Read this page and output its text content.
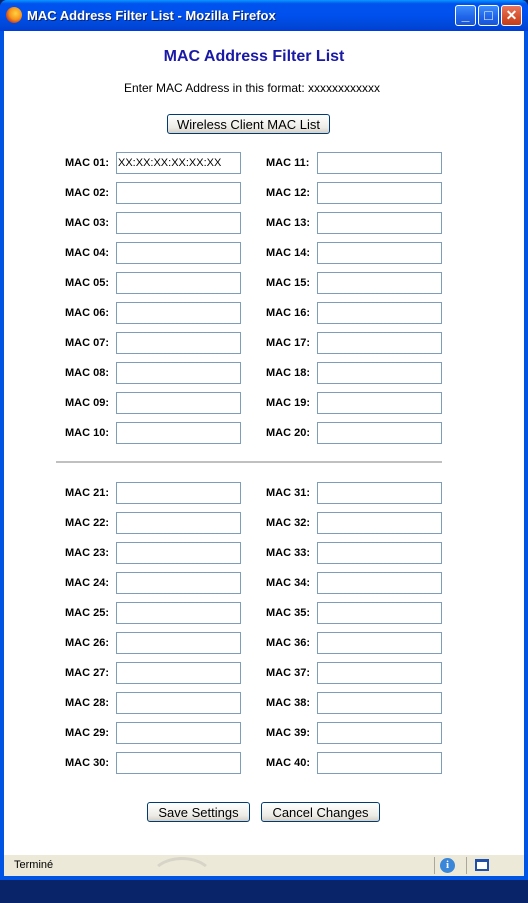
MAC Address Filter List - Mozilla Firefox	_	□ ✕
MAC Address Filter List
Enter MAC Address in this format: xxxxxxxxxxxx
Wireless Client MAC List
Save Settings	Cancel Changes
MAC 01:
XX:XX:XX:XX:XX:XX
MAC 02:
MAC 03:
MAC 04:
MAC 05:
MAC 06:
MAC 07:
MAC 08:
MAC 09:
MAC 10:
MAC 11:
MAC 12:
MAC 13:
MAC 14:
MAC 15:
MAC 16:
MAC 17:
MAC 18:
MAC 19:
MAC 20:
MAC 21:
MAC 22:
MAC 23:
MAC 24:
MAC 25:
MAC 26:
MAC 27:
MAC 28:
MAC 29:
MAC 30:
MAC 31:
MAC 32:
MAC 33:
MAC 34:
MAC 35:
MAC 36:
MAC 37:
MAC 38:
MAC 39:
MAC 40:
Terminé	i
